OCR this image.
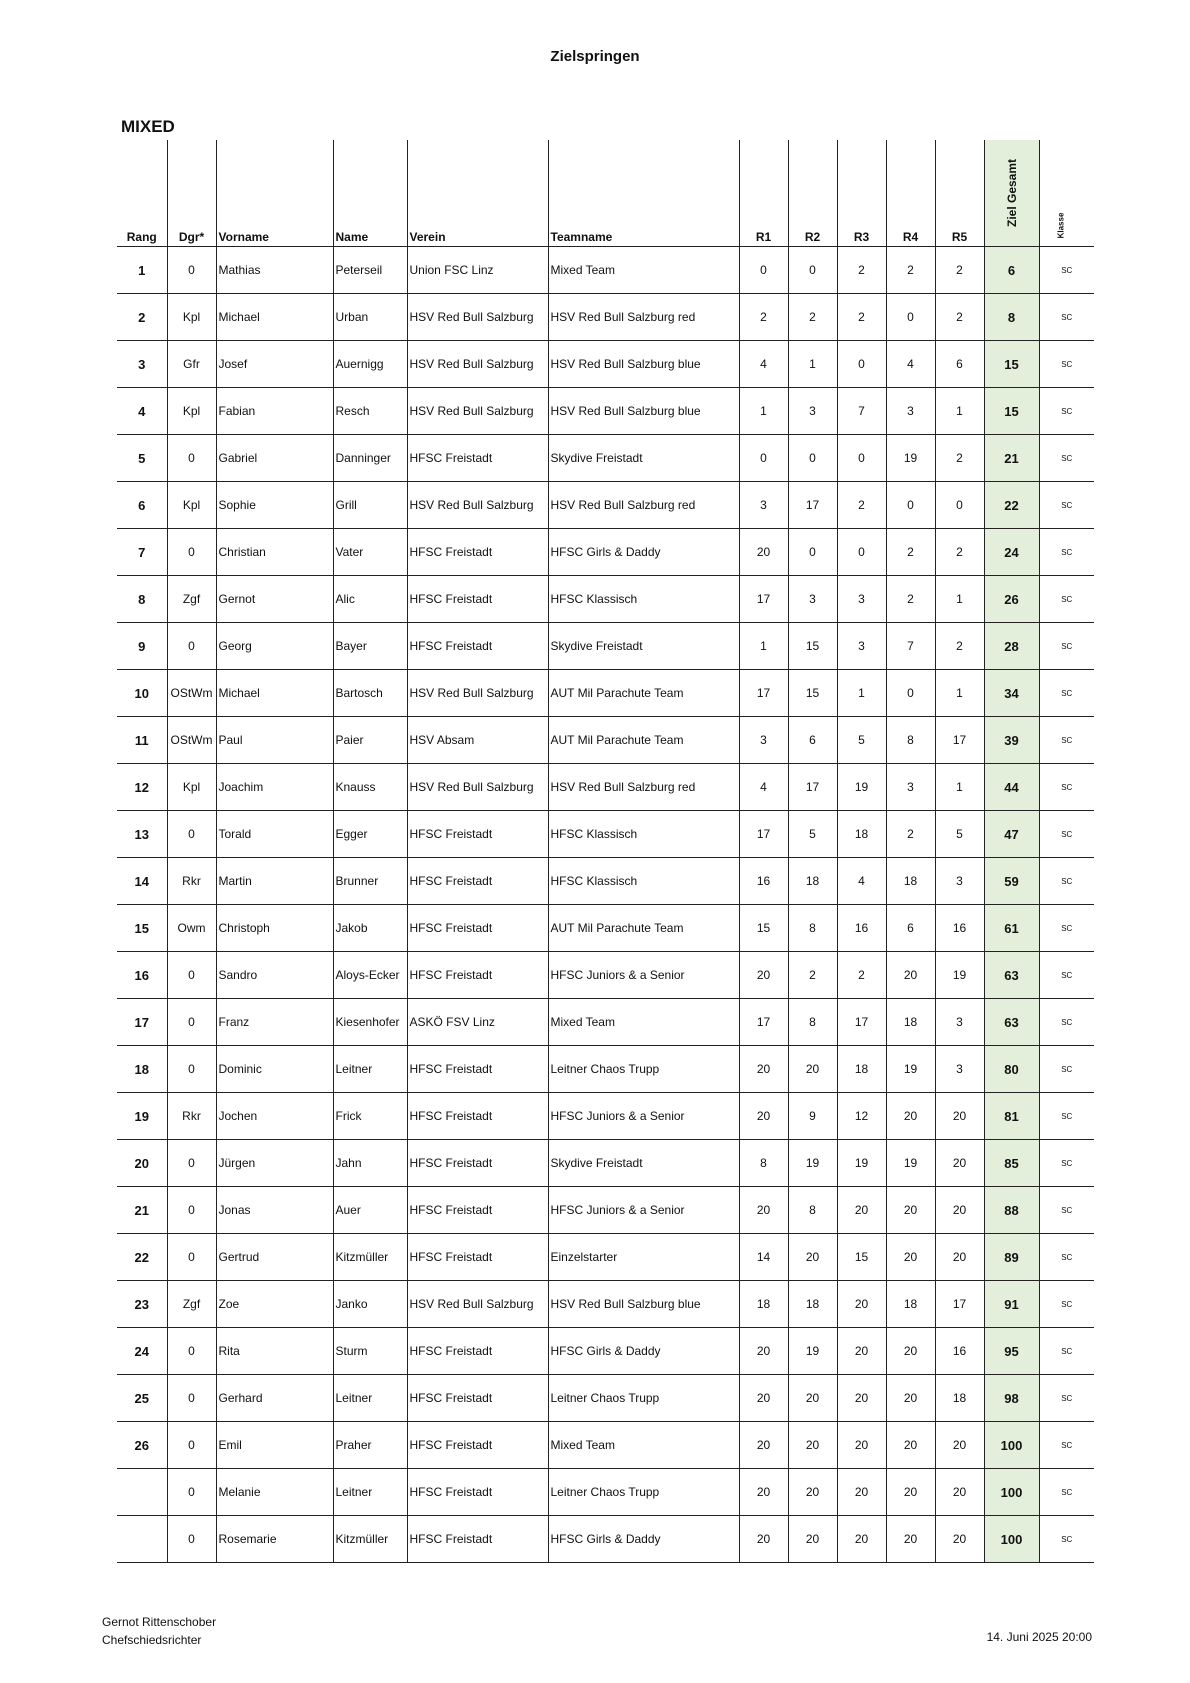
Zielspringen
MIXED
Rang	Dgr*	Vorname	Name	Verein	Teamname	R1	R2	R3	R4	R5	Ziel Gesamt	Klasse

1	0	Mathias	Peterseil	Union FSC Linz	Mixed Team	0	0	2	2	2	6	SC
2	Kpl	Michael	Urban	HSV Red Bull Salzburg	HSV Red Bull Salzburg red	2	2	2	0	2	8	SC
3	Gfr	Josef	Auernigg	HSV Red Bull Salzburg	HSV Red Bull Salzburg blue	4	1	0	4	6	15	SC
4	Kpl	Fabian	Resch	HSV Red Bull Salzburg	HSV Red Bull Salzburg blue	1	3	7	3	1	15	SC
5	0	Gabriel	Danninger	HFSC Freistadt	Skydive Freistadt	0	0	0	19	2	21	SC
6	Kpl	Sophie	Grill	HSV Red Bull Salzburg	HSV Red Bull Salzburg red	3	17	2	0	0	22	SC
7	0	Christian	Vater	HFSC Freistadt	HFSC Girls & Daddy	20	0	0	2	2	24	SC
8	Zgf	Gernot	Alic	HFSC Freistadt	HFSC Klassisch	17	3	3	2	1	26	SC
9	0	Georg	Bayer	HFSC Freistadt	Skydive Freistadt	1	15	3	7	2	28	SC
10	OStWm	Michael	Bartosch	HSV Red Bull Salzburg	AUT Mil Parachute Team	17	15	1	0	1	34	SC
11	OStWm	Paul	Paier	HSV Absam	AUT Mil Parachute Team	3	6	5	8	17	39	SC
12	Kpl	Joachim	Knauss	HSV Red Bull Salzburg	HSV Red Bull Salzburg red	4	17	19	3	1	44	SC
13	0	Torald	Egger	HFSC Freistadt	HFSC Klassisch	17	5	18	2	5	47	SC
14	Rkr	Martin	Brunner	HFSC Freistadt	HFSC Klassisch	16	18	4	18	3	59	SC
15	Owm	Christoph	Jakob	HFSC Freistadt	AUT Mil Parachute Team	15	8	16	6	16	61	SC
16	0	Sandro	Aloys-Ecker	HFSC Freistadt	HFSC Juniors & a Senior	20	2	2	20	19	63	SC
17	0	Franz	Kiesenhofer	ASKÖ FSV Linz	Mixed Team	17	8	17	18	3	63	SC
18	0	Dominic	Leitner	HFSC Freistadt	Leitner Chaos Trupp	20	20	18	19	3	80	SC
19	Rkr	Jochen	Frick	HFSC Freistadt	HFSC Juniors & a Senior	20	9	12	20	20	81	SC
20	0	Jürgen	Jahn	HFSC Freistadt	Skydive Freistadt	8	19	19	19	20	85	SC
21	0	Jonas	Auer	HFSC Freistadt	HFSC Juniors & a Senior	20	8	20	20	20	88	SC
22	0	Gertrud	Kitzmüller	HFSC Freistadt	Einzelstarter	14	20	15	20	20	89	SC
23	Zgf	Zoe	Janko	HSV Red Bull Salzburg	HSV Red Bull Salzburg blue	18	18	20	18	17	91	SC
24	0	Rita	Sturm	HFSC Freistadt	HFSC Girls & Daddy	20	19	20	20	16	95	SC
25	0	Gerhard	Leitner	HFSC Freistadt	Leitner Chaos Trupp	20	20	20	20	18	98	SC
26	0	Emil	Praher	HFSC Freistadt	Mixed Team	20	20	20	20	20	100	SC
	0	Melanie	Leitner	HFSC Freistadt	Leitner Chaos Trupp	20	20	20	20	20	100	SC
	0	Rosemarie	Kitzmüller	HFSC Freistadt	HFSC Girls & Daddy	20	20	20	20	20	100	SC
Gernot Rittenschober
Chefschiedsrichter	14. Juni 2025 20:00
